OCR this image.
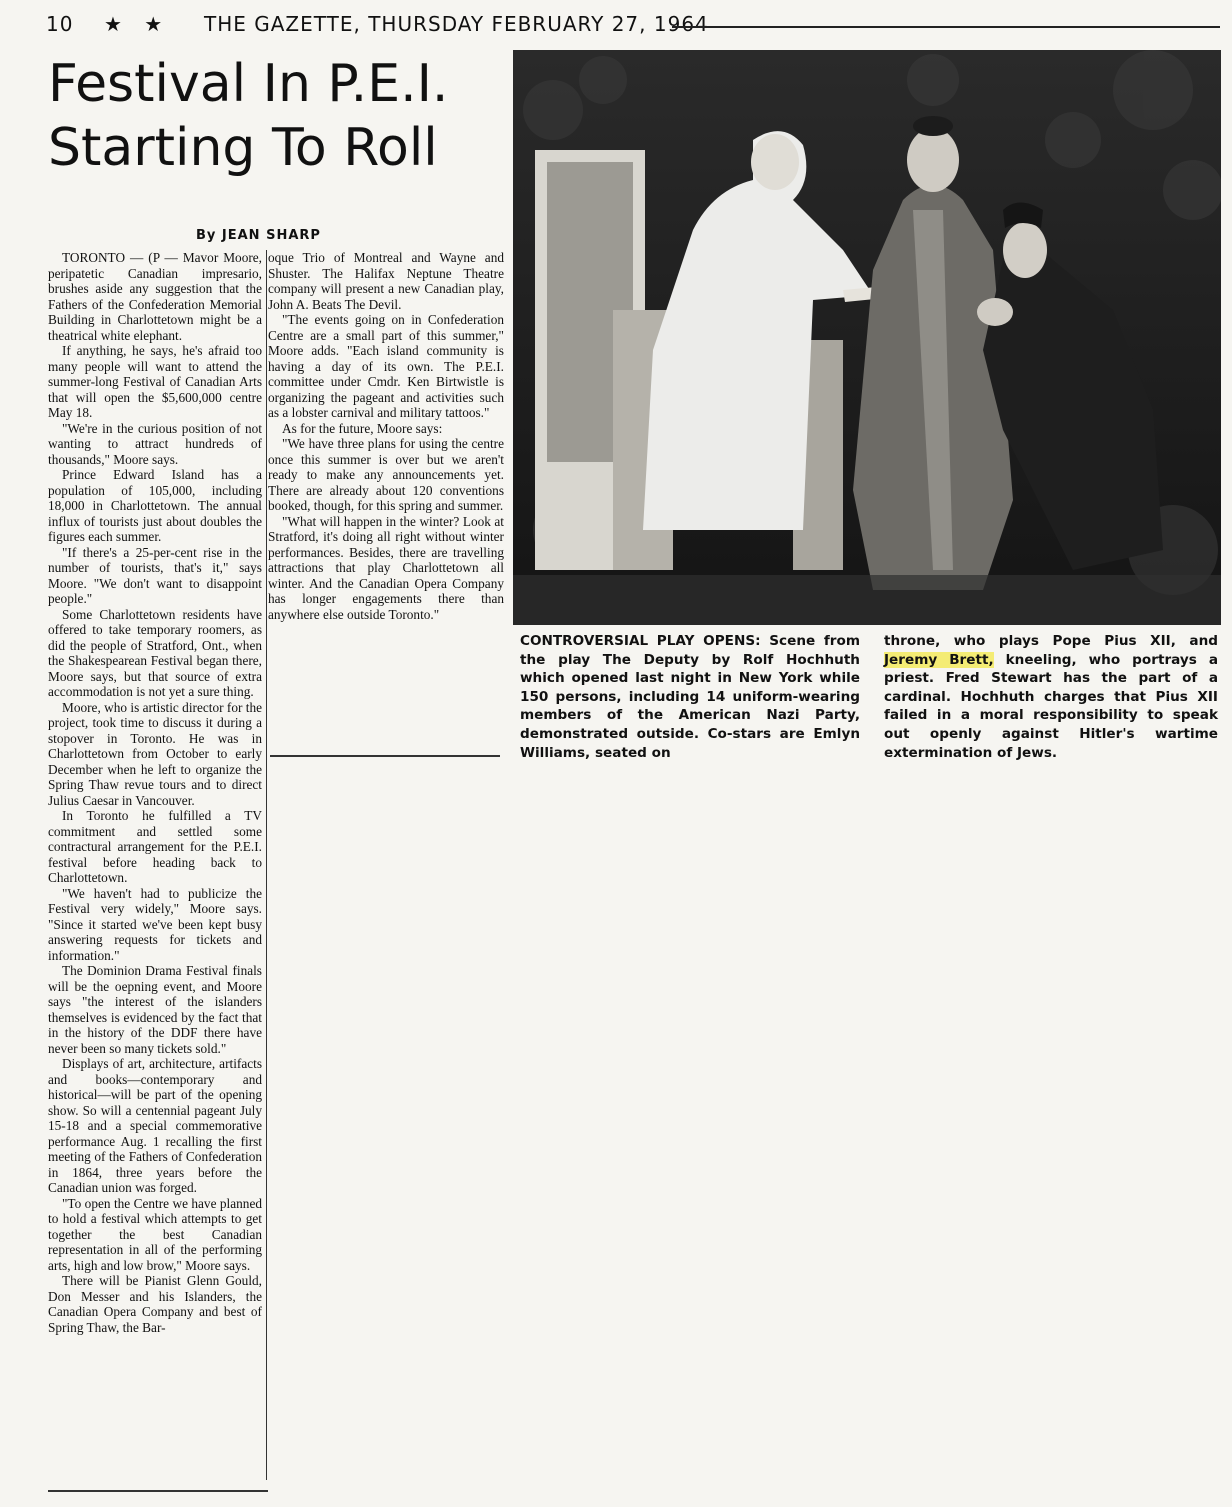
10 ★ ★ THE GAZETTE, THURSDAY FEBRUARY 27, 1964
Festival In P.E.I.
Starting To Roll
By JEAN SHARP

TORONTO — (P — Mavor Moore, peripatetic Canadian impresario, brushes aside any suggestion that the Fathers of the Confederation Memorial Building in Charlottetown might be a theatrical white elephant.

If anything, he says, he's afraid too many people will want to attend the summer-long Festival of Canadian Arts that will open the $5,600,000 centre May 18.

"We're in the curious position of not wanting to attract hundreds of thousands," Moore says.

Prince Edward Island has a population of 105,000, including 18,000 in Charlottetown. The annual influx of tourists just about doubles the figures each summer.

"If there's a 25-per-cent rise in the number of tourists, that's it," says Moore. "We don't want to disappoint people."

Some Charlottetown residents have offered to take temporary roomers, as did the people of Stratford, Ont., when the Shakespearean Festival began there, Moore says, but that source of extra accommodation is not yet a sure thing.

Moore, who is artistic director for the project, took time to discuss it during a stopover in Toronto. He was in Charlottetown from October to early December when he left to organize the Spring Thaw revue tours and to direct Julius Caesar in Vancouver.

In Toronto he fulfilled a TV commitment and settled some contractural arrangement for the P.E.I. festival before heading back to Charlottetown.

"We haven't had to publicize the Festival very widely," Moore says. "Since it started we've been kept busy answering requests for tickets and information."

The Dominion Drama Festival finals will be the oepning event, and Moore says "the interest of the islanders themselves is evidenced by the fact that in the history of the DDF there have never been so many tickets sold."

Displays of art, architecture, artifacts and books—contemporary and historical—will be part of the opening show. So will a centennial pageant July 15-18 and a special commemorative performance Aug. 1 recalling the first meeting of the Fathers of Confederation in 1864, three years before the Canadian union was forged.

"To open the Centre we have planned to hold a festival which attempts to get together the best Canadian representation in all of the performing arts, high and low brow," Moore says.

There will be Pianist Glenn Gould, Don Messer and his Islanders, the Canadian Opera Company and best of Spring Thaw, the Bar-

oque Trio of Montreal and Wayne and Shuster. The Halifax Neptune Theatre company will present a new Canadian play, John A. Beats The Devil.

"The events going on in Confederation Centre are a small part of this summer," Moore adds. "Each island community is having a day of its own. The P.E.I. committee under Cmdr. Ken Birtwistle is organizing the pageant and activities such as a lobster carnival and military tattoos."

As for the future, Moore says:

"We have three plans for using the centre once this summer is over but we aren't ready to make any announcements yet. There are already about 120 conventions booked, though, for this spring and summer.

"What will happen in the winter? Look at Stratford, it's doing all right without winter performances. Besides, there are travelling attractions that play Charlottetown all winter. And the Canadian Opera Company has longer engagements there than anywhere else outside Toronto."

CONTROVERSIAL PLAY OPENS: Scene from the play The Deputy by Rolf Hochhuth which opened last night in New York while 150 persons, including 14 uniform-wearing members of the American Nazi Party, demonstrated outside. Co-stars are Emlyn Williams, seated on
throne, who plays Pope Pius XII, and Jeremy Brett, kneeling, who portrays a priest. Fred Stewart has the part of a cardinal. Hochhuth charges that Pius XII failed in a moral responsibility to speak out openly against Hitler's wartime extermination of Jews.
